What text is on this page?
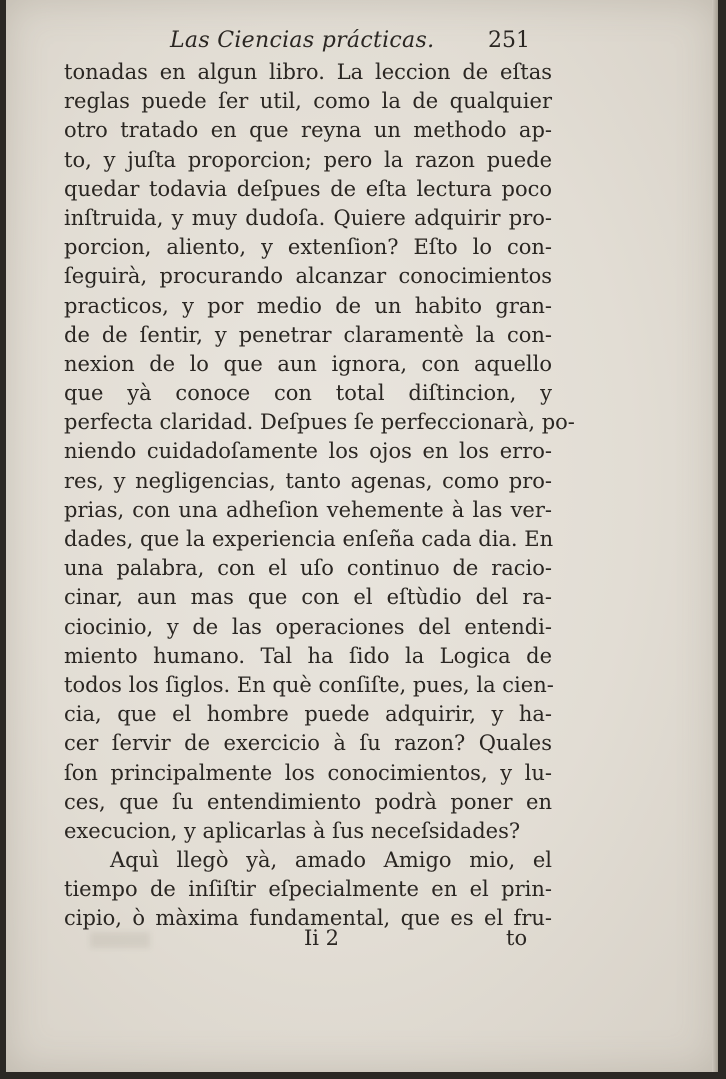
Las Ciencias prácticas. 251
tonadas en algun libro. La leccion de eſtas
reglas puede ſer util, como la de qualquier
otro tratado en que reyna un methodo ap-
to, y juſta proporcion; pero la razon puede
quedar todavia deſpues de eſta lectura poco
inſtruida, y muy dudoſa. Quiere adquirir pro-
porcion, aliento, y extenſion? Eſto lo con-
ſeguirà, procurando alcanzar conocimientos
practicos, y por medio de un habito gran-
de de ſentir, y penetrar claramentè la con-
nexion de lo que aun ignora, con aquello
que yà conoce con total diſtincion, y
perfecta claridad. Deſpues ſe perfeccionarà, po-
niendo cuidadoſamente los ojos en los erro-
res, y negligencias, tanto agenas, como pro-
prias, con una adheſion vehemente à las ver-
dades, que la experiencia enſeña cada dia. En
una palabra, con el uſo continuo de racio-
cinar, aun mas que con el eſtùdio del ra-
ciocinio, y de las operaciones del entendi-
miento humano. Tal ha ſido la Logica de
todos los ſiglos. En què conſiſte, pues, la cien-
cia, que el hombre puede adquirir, y ha-
cer ſervir de exercicio à ſu razon? Quales
ſon principalmente los conocimientos, y lu-
ces, que ſu entendimiento podrà poner en
execucion, y aplicarlas à ſus neceſsidades?
Aquì llegò yà, amado Amigo mio, el
tiempo de inſiſtir eſpecialmente en el prin-
cipio, ò màxima fundamental, que es el fru-
Ii 2	to
